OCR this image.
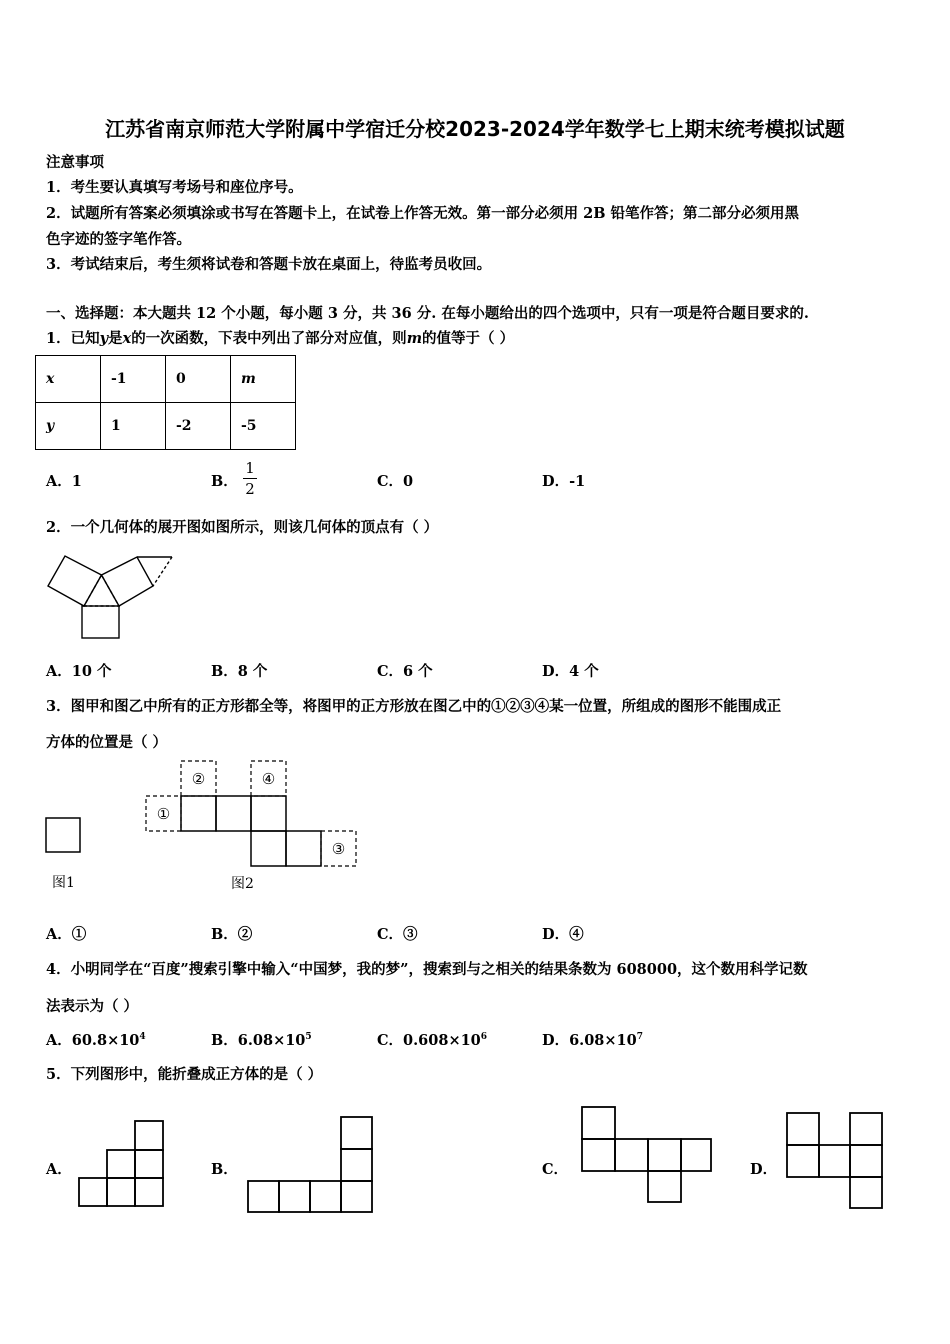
江苏省南京师范大学附属中学宿迁分校2023-2024学年数学七上期末统考模拟试题
注意事项
1．考生要认真填写考场号和座位序号。
2．试题所有答案必须填涂或书写在答题卡上，在试卷上作答无效。第一部分必须用 2B 铅笔作答；第二部分必须用黑
色字迹的签字笔作答。
3．考试结束后，考生须将试卷和答题卡放在桌面上，待监考员收回。
一、选择题：本大题共 12 个小题，每小题 3 分，共 36 分. 在每小题给出的四个选项中，只有一项是符合题目要求的.
1．已知y是x的一次函数，下表中列出了部分对应值，则m的值等于（ ）
x	-1	0	m
y	1	-2	-5
A．1	B．
1
2	C．0	D．-1
2．一个几何体的展开图如图所示，则该几何体的顶点有（ ）
A．10 个	B．8 个	C．6 个	D．4 个
3．图甲和图乙中所有的正方形都全等，将图甲的正方形放在图乙中的①②③④某一位置，所组成的图形不能围成正
方体的位置是（ ）
图1
①
②
③
④
图2
A．①	B．②	C．③	D．④
4．小明同学在“百度”搜索引擎中输入“中国梦，我的梦”，搜索到与之相关的结果条数为 608000，这个数用科学记数
法表示为（ ）
A．$60.8\times 10^4$	B．$6.08\times 10^5$	C．$0.608\times 10^6$	D．$6.08\times 10^7$
5．下列图形中，能折叠成正方体的是（ ）
A．	B．	C．	D．
